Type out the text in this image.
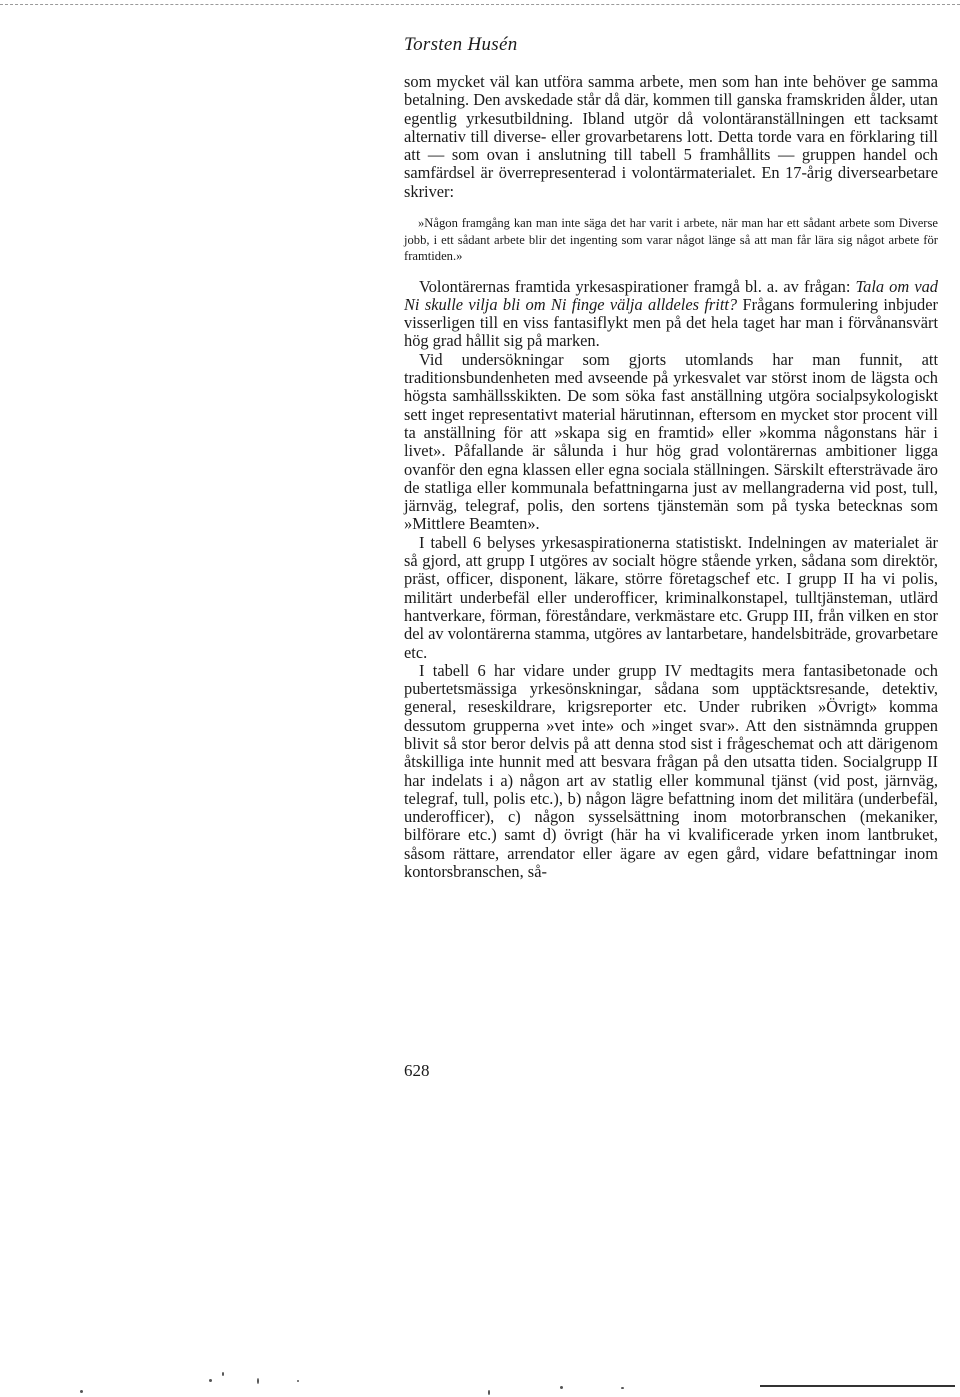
Torsten Husén

som mycket väl kan utföra samma arbete, men som han inte behöver ge samma betalning. Den avskedade står då där, kommen till ganska framskriden ålder, utan egentlig yrkesutbildning. Ibland utgör då volontäranställningen ett tacksamt alternativ till diverse- eller grovarbetarens lott. Detta torde vara en förklaring till att — som ovan i anslutning till tabell 5 framhållits — gruppen handel och samfärdsel är överrepresenterad i volontärmaterialet. En 17-årig diversearbetare skriver:

»Någon framgång kan man inte säga det har varit i arbete, när man har ett sådant arbete som Diverse jobb, i ett sådant arbete blir det ingenting som varar något länge så att man får lära sig något arbete för framtiden.»

Volontärernas framtida yrkesaspirationer framgå bl. a. av frågan: Tala om vad Ni skulle vilja bli om Ni finge välja alldeles fritt? Frågans formulering inbjuder visserligen till en viss fantasiflykt men på det hela taget har man i förvånansvärt hög grad hållit sig på marken.

Vid undersökningar som gjorts utomlands har man funnit, att traditionsbundenheten med avseende på yrkesvalet var störst inom de lägsta och högsta samhällsskikten. De som söka fast anställning utgöra socialpsykologiskt sett inget representativt material härutinnan, eftersom en mycket stor procent vill ta anställning för att »skapa sig en framtid» eller »komma någonstans här i livet». Påfallande är sålunda i hur hög grad volontärernas ambitioner ligga ovanför den egna klassen eller egna sociala ställningen. Särskilt eftersträvade äro de statliga eller kommunala befattningarna just av mellangraderna vid post, tull, järnväg, telegraf, polis, den sortens tjänstemän som på tyska betecknas som »Mittlere Beamten».

I tabell 6 belyses yrkesaspirationerna statistiskt. Indelningen av materialet är så gjord, att grupp I utgöres av socialt högre stående yrken, sådana som direktör, präst, officer, disponent, läkare, större företagschef etc. I grupp II ha vi polis, militärt underbefäl eller underofficer, kriminalkonstapel, tulltjänsteman, utlärd hantverkare, förman, föreståndare, verkmästare etc. Grupp III, från vilken en stor del av volontärerna stamma, utgöres av lantarbetare, handelsbiträde, grovarbetare etc.

I tabell 6 har vidare under grupp IV medtagits mera fantasibetonade och pubertetsmässiga yrkesönskningar, sådana som upptäcktsresande, detektiv, general, reseskildrare, krigsreporter etc. Under rubriken »Övrigt» komma dessutom grupperna »vet inte» och »inget svar». Att den sistnämnda gruppen blivit så stor beror delvis på att denna stod sist i frågeschemat och att därigenom åtskilliga inte hunnit med att besvara frågan på den utsatta tiden. Socialgrupp II har indelats i a) någon art av statlig eller kommunal tjänst (vid post, järnväg, telegraf, tull, polis etc.), b) någon lägre befattning inom det militära (underbefäl, underofficer), c) någon sysselsättning inom motorbranschen (mekaniker, bilförare etc.) samt d) övrigt (här ha vi kvalificerade yrken inom lantbruket, såsom rättare, arrendator eller ägare av egen gård, vidare befattningar inom kontorsbranschen, så-

628
